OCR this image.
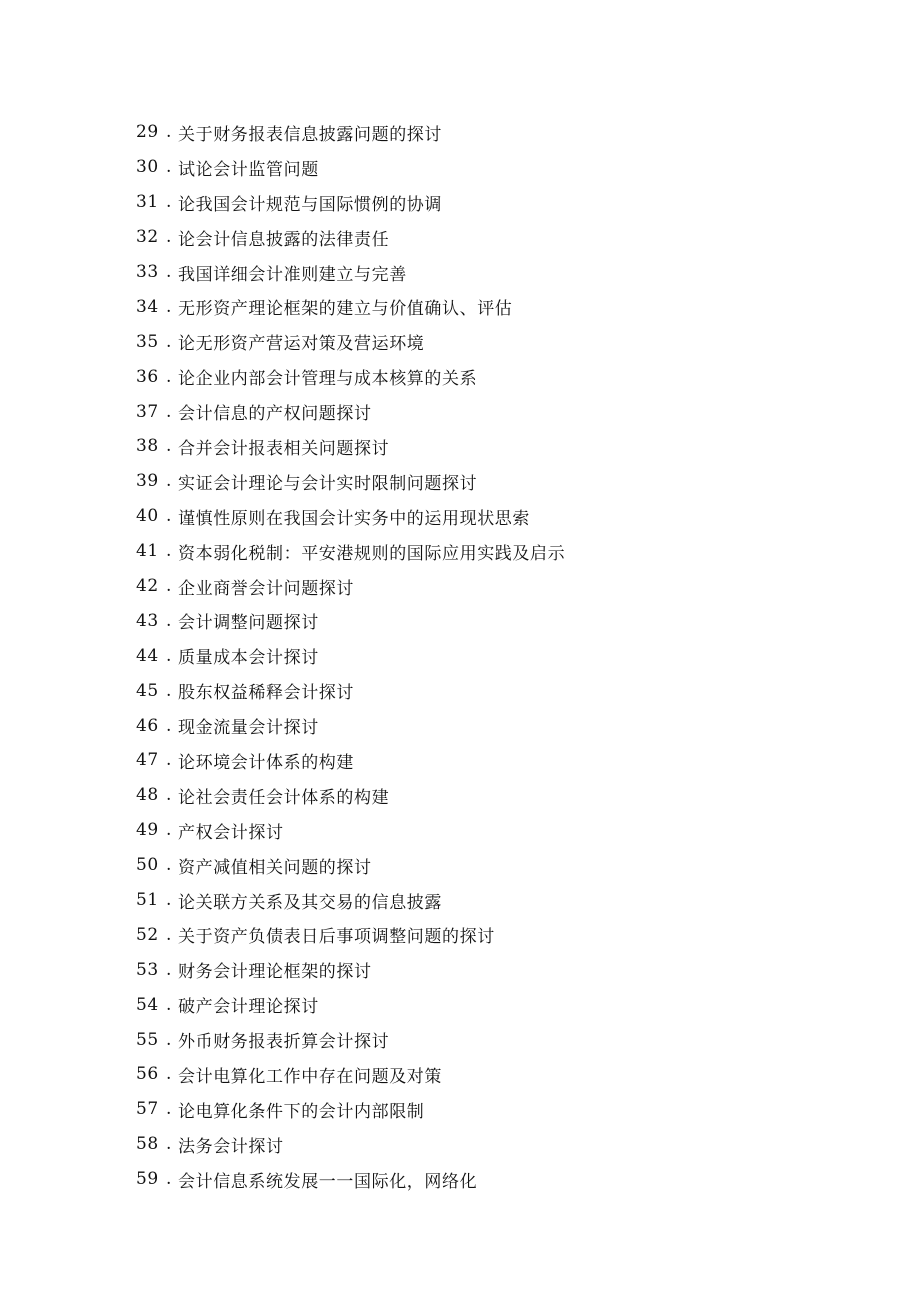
29 . 关于财务报表信息披露问题的探讨
30 . 试论会计监管问题
31 . 论我国会计规范与国际惯例的协调
32 . 论会计信息披露的法律责任
33 . 我国详细会计准则建立与完善
34 . 无形资产理论框架的建立与价值确认、评估
35 . 论无形资产营运对策及营运环境
36 . 论企业内部会计管理与成本核算的关系
37 . 会计信息的产权问题探讨
38 . 合并会计报表相关问题探讨
39 . 实证会计理论与会计实时限制问题探讨
40 . 谨慎性原则在我国会计实务中的运用现状思索
41 . 资本弱化税制：平安港规则的国际应用实践及启示
42 . 企业商誉会计问题探讨
43 . 会计调整问题探讨
44 . 质量成本会计探讨
45 . 股东权益稀释会计探讨
46 . 现金流量会计探讨
47 . 论环境会计体系的构建
48 . 论社会责任会计体系的构建
49 . 产权会计探讨
50 . 资产减值相关问题的探讨
51 . 论关联方关系及其交易的信息披露
52 . 关于资产负债表日后事项调整问题的探讨
53 . 财务会计理论框架的探讨
54 . 破产会计理论探讨
55 . 外币财务报表折算会计探讨
56 . 会计电算化工作中存在问题及对策
57 . 论电算化条件下的会计内部限制
58 . 法务会计探讨
59 . 会计信息系统发展一一国际化，网络化
